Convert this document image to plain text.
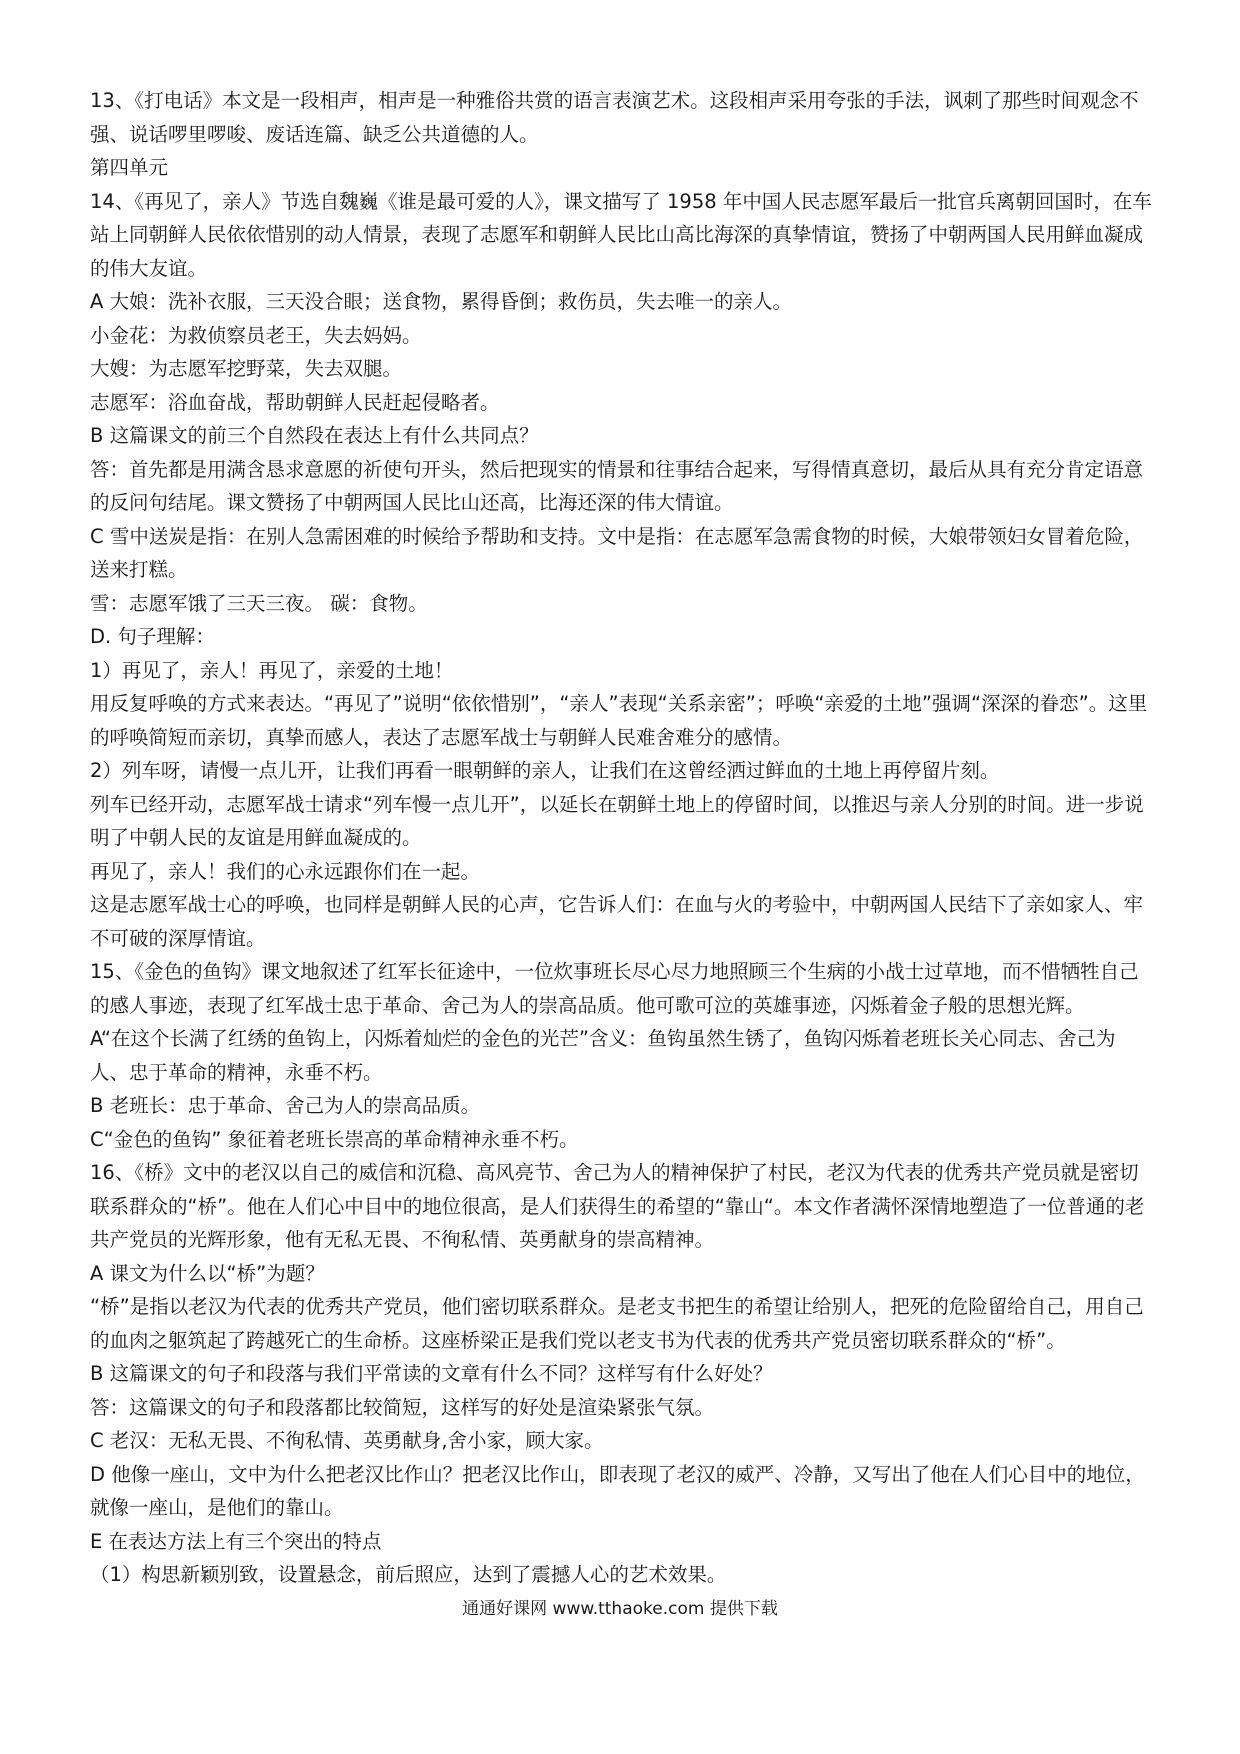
13、《打电话》本文是一段相声，相声是一种雅俗共赏的语言表演艺术。这段相声采用夸张的手法，讽刺了那些时间观念不强、说话啰里啰唆、废话连篇、缺乏公共道德的人。

第四单元

14、《再见了，亲人》节选自魏巍《谁是最可爱的人》，课文描写了 1958 年中国人民志愿军最后一批官兵离朝回国时，在车站上同朝鲜人民依依惜别的动人情景，表现了志愿军和朝鲜人民比山高比海深的真挚情谊，赞扬了中朝两国人民用鲜血凝成的伟大友谊。

A 大娘：洗补衣服，三天没合眼；送食物，累得昏倒；救伤员，失去唯一的亲人。

小金花：为救侦察员老王，失去妈妈。

大嫂：为志愿军挖野菜，失去双腿。

志愿军：浴血奋战，帮助朝鲜人民赶起侵略者。

B 这篇课文的前三个自然段在表达上有什么共同点？

答：首先都是用满含恳求意愿的祈使句开头，然后把现实的情景和往事结合起来，写得情真意切，最后从具有充分肯定语意的反问句结尾。课文赞扬了中朝两国人民比山还高，比海还深的伟大情谊。

C 雪中送炭是指：在别人急需困难的时候给予帮助和支持。文中是指：在志愿军急需食物的时候，大娘带领妇女冒着危险，送来打糕。

雪：志愿军饿了三天三夜。 碳：食物。

D. 句子理解：

1）再见了，亲人！再见了，亲爱的土地！

用反复呼唤的方式来表达。“再见了”说明“依依惜别”，“亲人”表现“关系亲密”；呼唤“亲爱的土地”强调“深深的眷恋”。这里的呼唤简短而亲切，真挚而感人，表达了志愿军战士与朝鲜人民难舍难分的感情。

2）列车呀，请慢一点儿开，让我们再看一眼朝鲜的亲人，让我们在这曾经洒过鲜血的土地上再停留片刻。

列车已经开动，志愿军战士请求“列车慢一点儿开”，以延长在朝鲜土地上的停留时间，以推迟与亲人分别的时间。进一步说明了中朝人民的友谊是用鲜血凝成的。

再见了，亲人！我们的心永远跟你们在一起。

这是志愿军战士心的呼唤，也同样是朝鲜人民的心声，它告诉人们：在血与火的考验中，中朝两国人民结下了亲如家人、牢不可破的深厚情谊。

15、《金色的鱼钩》课文地叙述了红军长征途中，一位炊事班长尽心尽力地照顾三个生病的小战士过草地，而不惜牺牲自己的感人事迹，表现了红军战士忠于革命、舍己为人的崇高品质。他可歌可泣的英雄事迹，闪烁着金子般的思想光辉。

A“在这个长满了红绣的鱼钩上，闪烁着灿烂的金色的光芒”含义：鱼钩虽然生锈了，鱼钩闪烁着老班长关心同志、舍己为人、忠于革命的精神，永垂不朽。

B 老班长：忠于革命、舍己为人的崇高品质。

C“金色的鱼钩” 象征着老班长崇高的革命精神永垂不朽。

16、《桥》文中的老汉以自己的威信和沉稳、高风亮节、舍己为人的精神保护了村民，老汉为代表的优秀共产党员就是密切联系群众的“桥”。他在人们心中目中的地位很高，是人们获得生的希望的“靠山“。本文作者满怀深情地塑造了一位普通的老共产党员的光辉形象，他有无私无畏、不徇私情、英勇献身的崇高精神。

A 课文为什么以“桥”为题？

“桥”是指以老汉为代表的优秀共产党员，他们密切联系群众。是老支书把生的希望让给别人，把死的危险留给自己，用自己的血肉之躯筑起了跨越死亡的生命桥。这座桥梁正是我们党以老支书为代表的优秀共产党员密切联系群众的“桥”。

B 这篇课文的句子和段落与我们平常读的文章有什么不同？这样写有什么好处？

答：这篇课文的句子和段落都比较简短，这样写的好处是渲染紧张气氛。

C 老汉：无私无畏、不徇私情、英勇献身,舍小家，顾大家。

D 他像一座山，文中为什么把老汉比作山？把老汉比作山，即表现了老汉的威严、冷静，又写出了他在人们心目中的地位，就像一座山，是他们的靠山。

E 在表达方法上有三个突出的特点

（1）构思新颖别致，设置悬念，前后照应，达到了震撼人心的艺术效果。

通通好课网 www.tthaoke.com 提供下载
